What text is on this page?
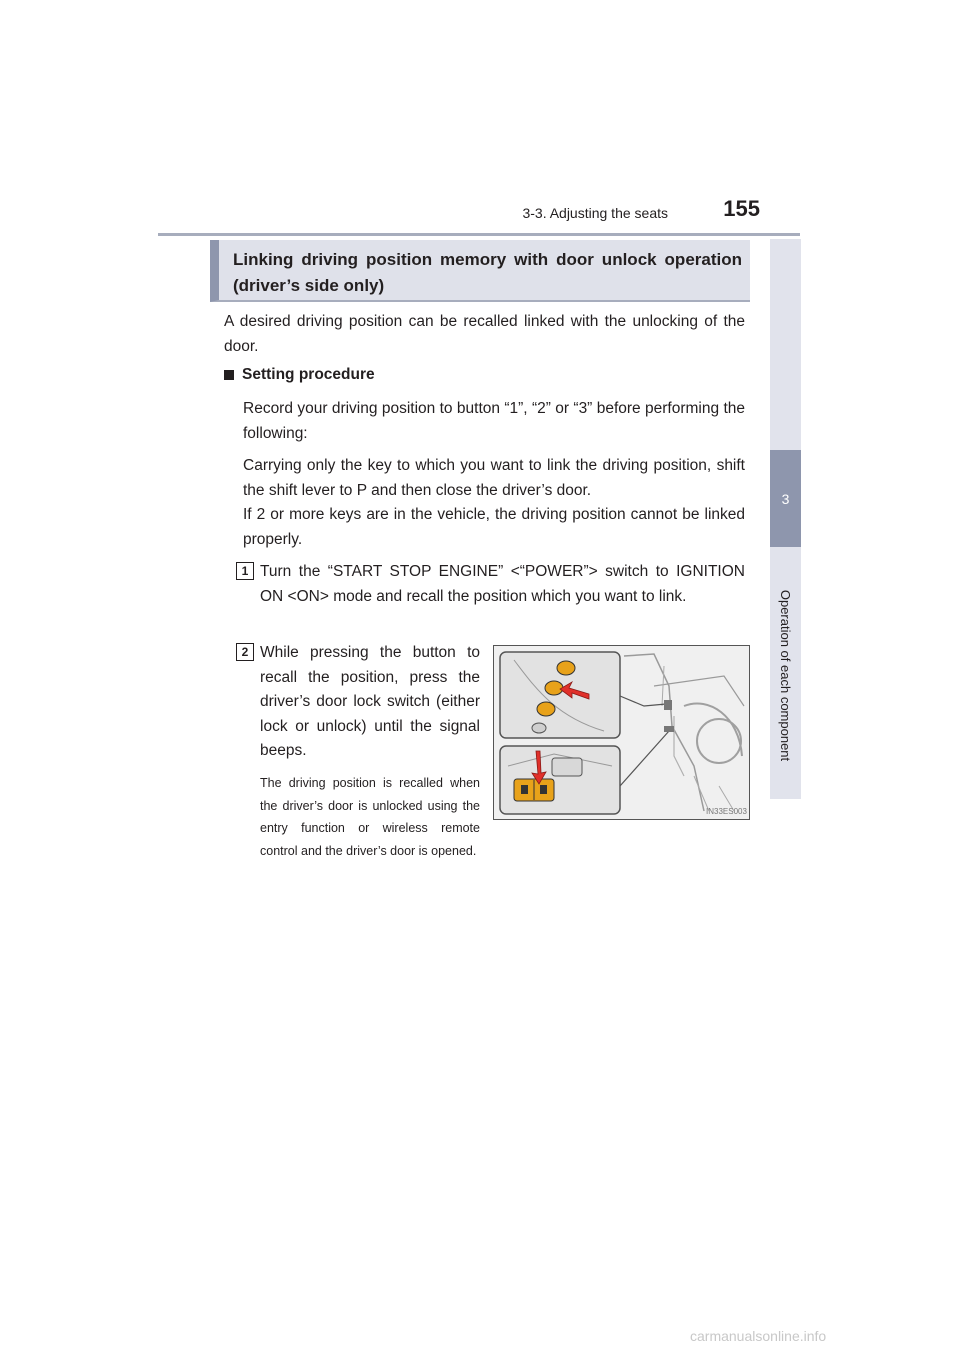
3-3. Adjusting the seats	155
3
Operation of each component
Linking driving position memory with door unlock operation (driver’s side only)
A desired driving position can be recalled linked with the unlocking of the door.
Setting procedure
Record your driving position to button “1”, “2” or “3” before performing the following:
Carrying only the key to which you want to link the driving position, shift the shift lever to P and then close the driver’s door.
If 2 or more keys are in the vehicle, the driving position cannot be linked properly.
1 Turn the “START STOP ENGINE” <“POWER”> switch to IGNITION ON <ON> mode and recall the position which you want to link.
2 While pressing the button to recall the position, press the driver’s door lock switch (either lock or unlock) until the signal beeps.
The driving position is recalled when the driver’s door is unlocked using the entry function or wireless remote control and the driver’s door is opened.
IN33ES003
carmanualsonline.info
